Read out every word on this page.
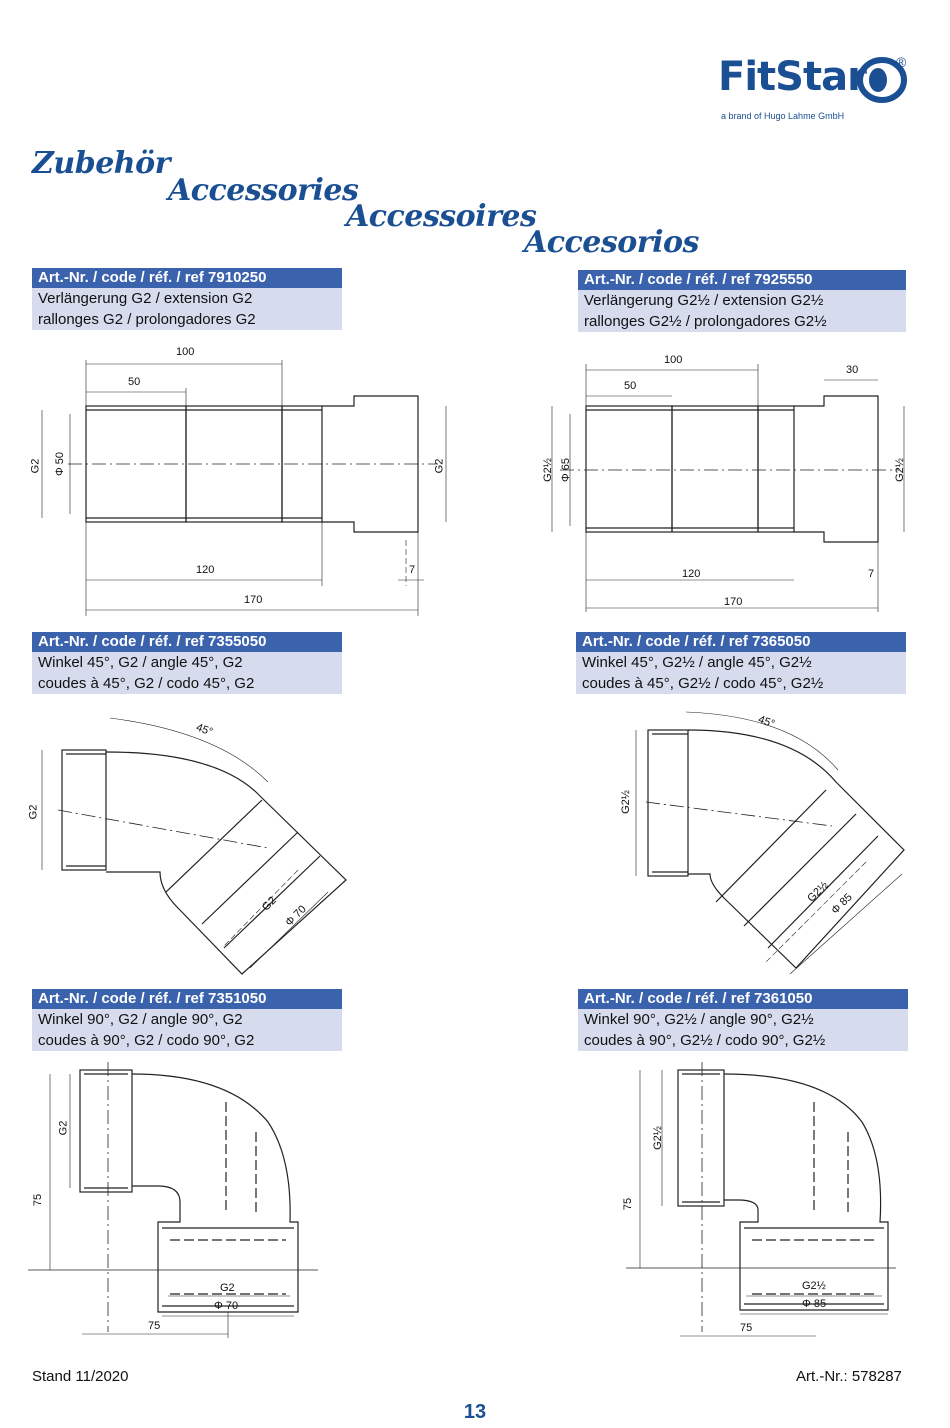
FitStar ®
a brand of Hugo Lahme GmbH
Zubehör
Accessories
Accessoires
Accesorios
Art.-Nr. / code / réf. / ref 7910250
Verlängerung G2 / extension G2
rallonges G2 / prolongadores G2
Art.-Nr. / code / réf. / ref 7925550
Verlängerung G2½ / extension G2½
rallonges G2½ / prolongadores G2½
Art.-Nr. / code / réf. / ref 7355050
Winkel 45°, G2 / angle 45°, G2
coudes à 45°, G2 / codo 45°, G2
Art.-Nr. / code / réf. / ref 7365050
Winkel 45°, G2½ / angle 45°, G2½
coudes à 45°, G2½ / codo 45°, G2½
Art.-Nr. / code / réf. / ref 7351050
Winkel 90°, G2 / angle 90°, G2
coudes à 90°, G2 / codo 90°, G2
Art.-Nr. / code / réf. / ref 7361050
Winkel 90°, G2½ / angle 90°, G2½
coudes à 90°, G2½ / codo 90°, G2½
100
50
G2 Φ 50	G2
120	7
170
100
50
30
G2½ Φ 65	G2½
120	7
170
45°
G2
G2 Φ 70
45°
G2½
G2½
Φ 85
G2
75
G2
Φ 70
75
G2½
75
G2½
Φ 85
75
Stand 11/2020	Art.-Nr.: 578287
13
